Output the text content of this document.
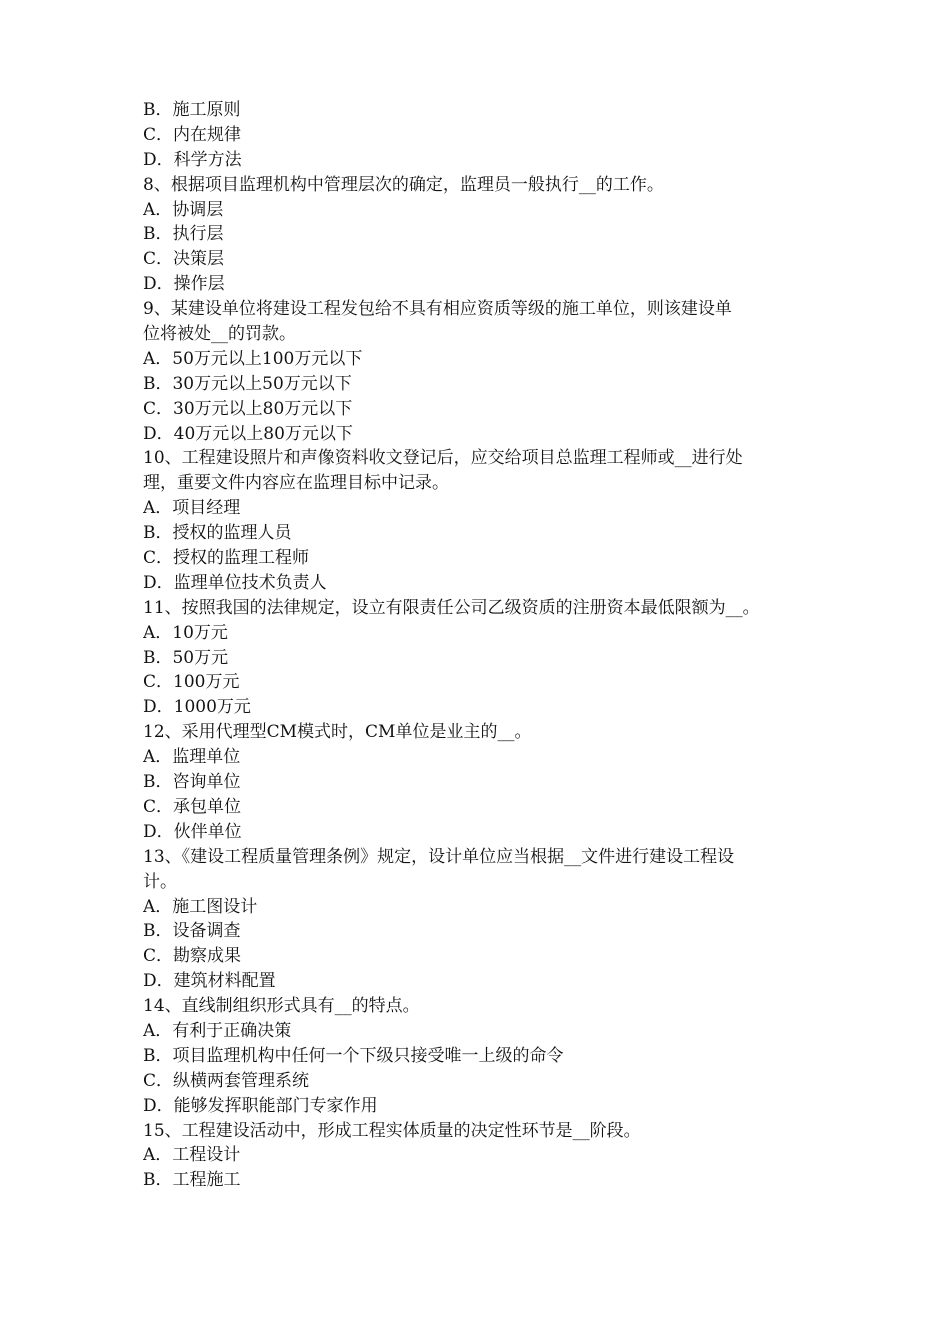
B．施工原则
C．内在规律
D．科学方法
8、根据项目监理机构中管理层次的确定，监理员一般执行__的工作。
A．协调层
B．执行层
C．决策层
D．操作层
9、某建设单位将建设工程发包给不具有相应资质等级的施工单位，则该建设单
位将被处__的罚款。
A．50万元以上100万元以下
B．30万元以上50万元以下
C．30万元以上80万元以下
D．40万元以上80万元以下
10、工程建设照片和声像资料收文登记后，应交给项目总监理工程师或__进行处
理，重要文件内容应在监理目标中记录。
A．项目经理
B．授权的监理人员
C．授权的监理工程师
D．监理单位技术负责人
11、按照我国的法律规定，设立有限责任公司乙级资质的注册资本最低限额为__。
A．10万元
B．50万元
C．100万元
D．1000万元
12、采用代理型CM模式时，CM单位是业主的__。
A．监理单位
B．咨询单位
C．承包单位
D．伙伴单位
13、《建设工程质量管理条例》规定，设计单位应当根据__文件进行建设工程设
计。
A．施工图设计
B．设备调查
C．勘察成果
D．建筑材料配置
14、直线制组织形式具有__的特点。
A．有利于正确决策
B．项目监理机构中任何一个下级只接受唯一上级的命令
C．纵横两套管理系统
D．能够发挥职能部门专家作用
15、工程建设活动中，形成工程实体质量的决定性环节是__阶段。
A．工程设计
B．工程施工
